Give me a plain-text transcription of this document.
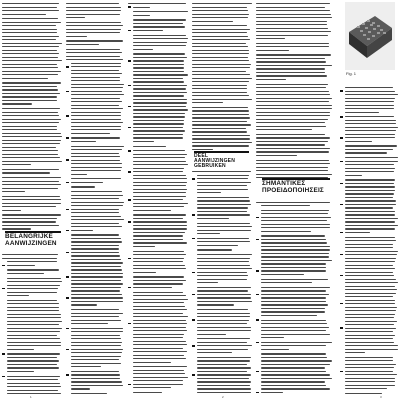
BELANGRIJKE AANWIJZINGEN
DEEL AANWIJZINGEN GEBRUIKEN
ΣΗΜΑΝΤΙΚΕΣ ΠΡΟΕΙΔΟΠΟΙΗΣΕΙΣ
Fig. 1
1	2	3
